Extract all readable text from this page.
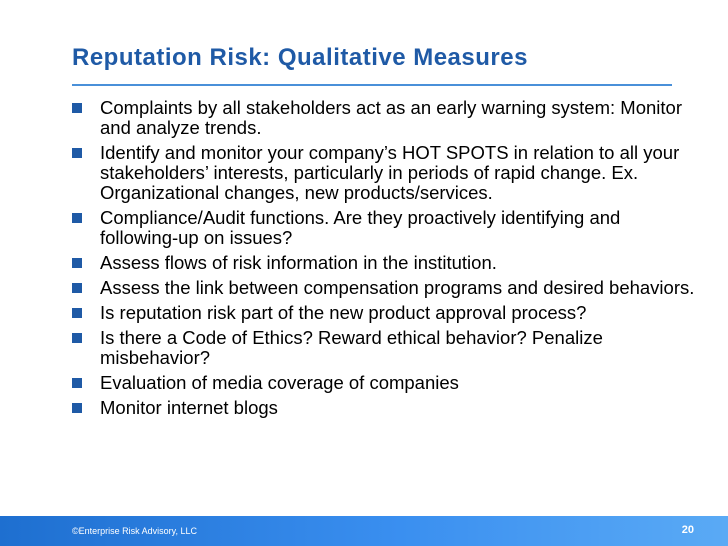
Reputation Risk: Qualitative Measures
Complaints by all stakeholders act as an early warning system: Monitor and analyze trends.
Identify and monitor your company’s HOT SPOTS in relation to all your stakeholders’ interests, particularly in periods of rapid change. Ex. Organizational changes, new products/services.
Compliance/Audit functions. Are they proactively identifying and following-up on issues?
Assess flows of risk information in the institution.
Assess the link between compensation programs and desired behaviors.
Is reputation risk part of the new product approval process?
Is there a Code of Ethics? Reward ethical behavior? Penalize misbehavior?
Evaluation of media coverage of companies
Monitor internet blogs
©Enterprise Risk Advisory, LLC	20
